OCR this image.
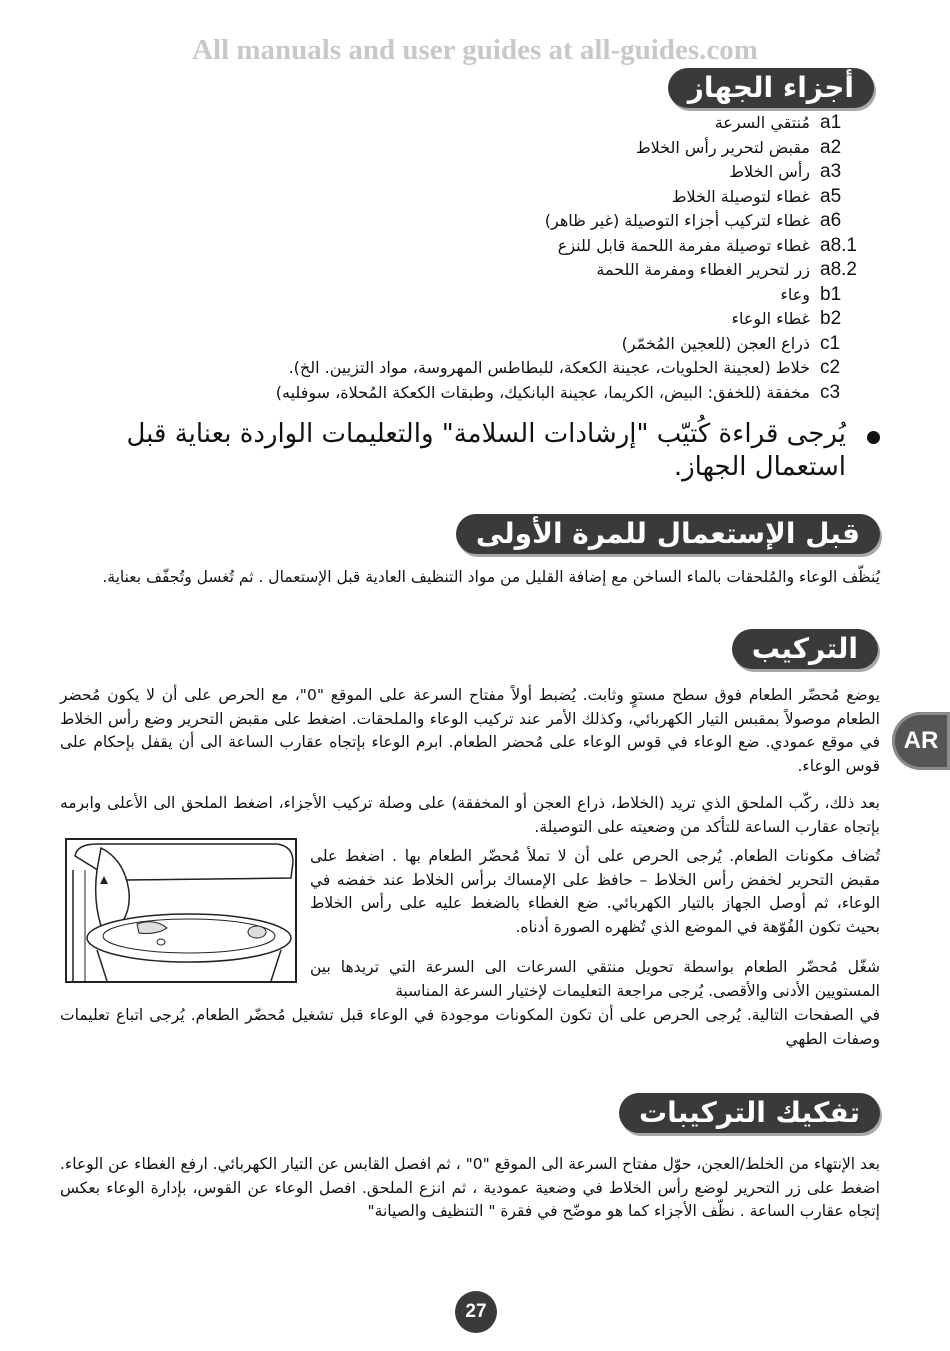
All manuals and user guides at all-guides.com
أجزاء الجهاز
a1
مُنتقي السرعة
a2
مقبض لتحرير رأس الخلاط
a3
رأس الخلاط
a5
غطاء لتوصيلة الخلاط
a6
غطاء لتركيب أجزاء التوصيلة (غير ظاهر)
a8.1
غطاء توصيلة مفرمة اللحمة قابل للنزع
a8.2
زر لتحرير الغطاء ومفرمة اللحمة
b1
وعاء
b2
غطاء الوعاء
c1
ذراع العجن (للعجين المُخمّر)
c2
خلاط (لعجينة الحلويات، عجينة الكعكة، للبطاطس المهروسة، مواد التزيين. الخ).
c3
مخفقة (للخفق: البيض، الكريما، عجينة البانكيك، وطبقات الكعكة المُحلاة، سوفليه)
يُرجى قراءة كُتيّب "إرشادات السلامة" والتعليمات الواردة بعناية قبل استعمال الجهاز.
قبل الإستعمال للمرة الأولى

يُنظّف الوعاء والمُلحقات بالماء الساخن مع إضافة القليل من مواد التنظيف العادية قبل الإستعمال . ثم تُغسل وتُجفّف بعناية.

التركيب

يوضع مُحضّر الطعام فوق سطح مستوٍ وثابت. يُضبط أولاً مفتاح السرعة على الموقع "0"، مع الحرص على أن لا يكون مُحضر الطعام موصولاً بمقبس التيار الكهربائي، وكذلك الأمر عند تركيب الوعاء والملحقات. اضغط على مقبض التحرير وضع رأس الخلاط في موقع عمودي. ضع الوعاء في قوس الوعاء على مُحضر الطعام. ابرم الوعاء بإتجاه عقارب الساعة الى أن يقفل بإحكام على قوس الوعاء.

بعد ذلك، ركّب الملحق الذي تريد (الخلاط، ذراع العجن أو المخفقة) على وصلة تركيب الأجزاء، اضغط الملحق الى الأعلى وابرمه بإتجاه عقارب الساعة للتأكد من وضعيته على التوصيلة.

تُضاف مكونات الطعام. يُرجى الحرص على أن لا تملأ مُحضّر الطعام بها . اضغط على مقبض التحرير لخفض رأس الخلاط – حافظ على الإمساك برأس الخلاط عند خفضه في الوعاء، ثم أوصل الجهاز بالتيار الكهربائي. ضع الغطاء بالضغط عليه على رأس الخلاط بحيث تكون الفُوّهة في الموضع الذي تُظهره الصورة أدناه.

شغّل مُحضّر الطعام بواسطة تحويل منتقي السرعات الى السرعة التي تريدها بين المستويين الأدنى والأقصى. يُرجى مراجعة التعليمات لإختيار السرعة المناسبة

في الصفحات التالية. يُرجى الحرص على أن تكون المكونات موجودة في الوعاء قبل تشغيل مُحضّر الطعام. يُرجى اتباع تعليمات وصفات الطهي

تفكيك التركيبات

بعد الإنتهاء من الخلط/العجن، حوّل مفتاح السرعة الى الموقع "0" ، ثم افصل القابس عن التيار الكهربائي. ارفع الغطاء عن الوعاء. اضغط على زر التحرير لوضع رأس الخلاط في وضعية عمودية ، ثم انزع الملحق. افصل الوعاء عن القوس، بإدارة الوعاء بعكس إتجاه عقارب الساعة . نظّف الأجزاء كما هو موضّح في فقرة " التنظيف والصيانة"

AR
27
